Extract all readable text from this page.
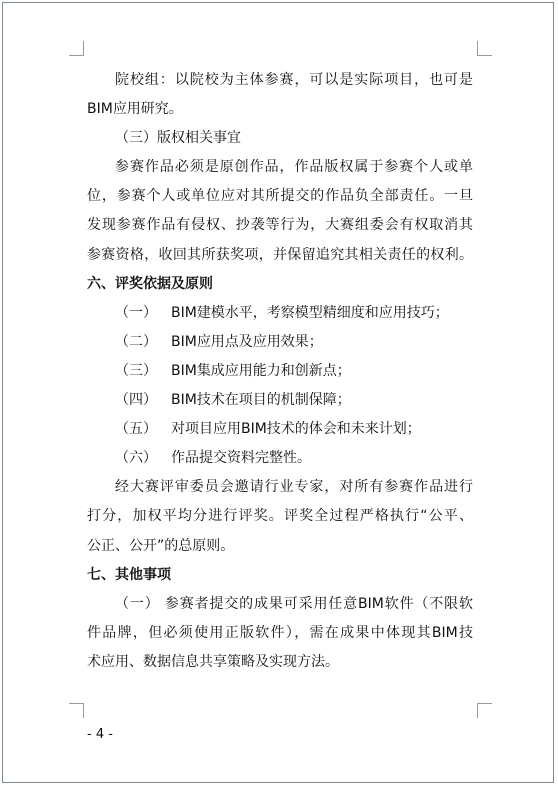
院校组：以院校为主体参赛，可以是实际项目，也可是
BIM应用研究。
（三）版权相关事宜
参赛作品必须是原创作品，作品版权属于参赛个人或单
位，参赛个人或单位应对其所提交的作品负全部责任。一旦
发现参赛作品有侵权、抄袭等行为，大赛组委会有权取消其
参赛资格，收回其所获奖项，并保留追究其相关责任的权利。
六、评奖依据及原则
（一） BIM建模水平，考察模型精细度和应用技巧；
（二） BIM应用点及应用效果；
（三） BIM集成应用能力和创新点；
（四） BIM技术在项目的机制保障；
（五） 对项目应用BIM技术的体会和未来计划；
（六） 作品提交资料完整性。
经大赛评审委员会邀请行业专家，对所有参赛作品进行
打分，加权平均分进行评奖。评奖全过程严格执行“公平、
公正、公开”的总原则。
七、其他事项
（一） 参赛者提交的成果可采用任意BIM软件（不限软
件品牌，但必须使用正版软件），需在成果中体现其BIM技
术应用、数据信息共享策略及实现方法。
- 4 -
